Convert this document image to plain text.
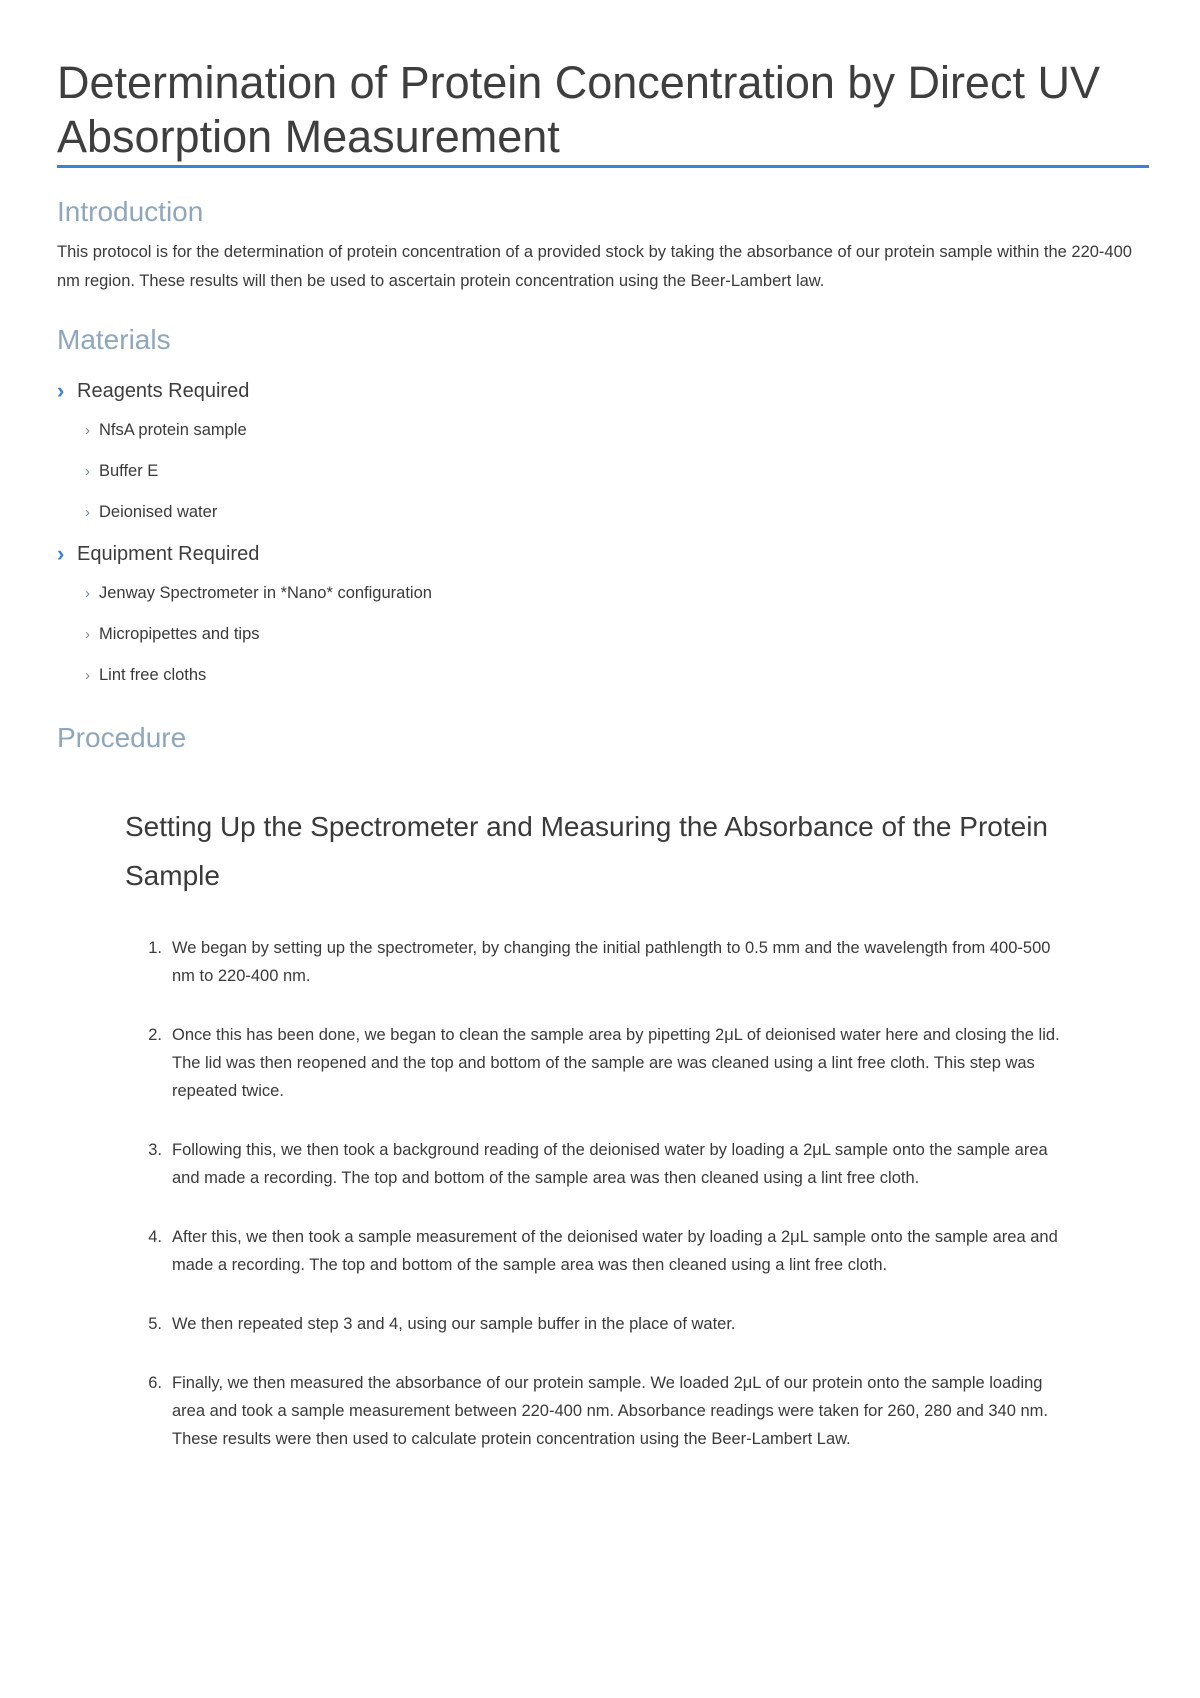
Determination of Protein Concentration by Direct UV Absorption Measurement
Introduction

This protocol is for the determination of protein concentration of a provided stock by taking the absorbance of our protein sample within the 220-400 nm region. These results will then be used to ascertain protein concentration using the Beer-Lambert law.

Materials
› Reagents Required
› NfsA protein sample
› Buffer E
› Deionised water
› Equipment Required
› Jenway Spectrometer in *Nano* configuration
› Micropipettes and tips
› Lint free cloths
Procedure
Setting Up the Spectrometer and Measuring the Absorbance of the Protein Sample
1. We began by setting up the spectrometer, by changing the initial pathlength to 0.5 mm and the wavelength from 400-500 nm to 220-400 nm.
2. Once this has been done, we began to clean the sample area by pipetting 2μL of deionised water here and closing the lid. The lid was then reopened and the top and bottom of the sample are was cleaned using a lint free cloth. This step was repeated twice.
3. Following this, we then took a background reading of the deionised water by loading a 2μL sample onto the sample area and made a recording. The top and bottom of the sample area was then cleaned using a lint free cloth.
4. After this, we then took a sample measurement of the deionised water by loading a 2μL sample onto the sample area and made a recording. The top and bottom of the sample area was then cleaned using a lint free cloth.
5. We then repeated step 3 and 4, using our sample buffer in the place of water.
6. Finally, we then measured the absorbance of our protein sample. We loaded 2μL of our protein onto the sample loading area and took a sample measurement between 220-400 nm. Absorbance readings were taken for 260, 280 and 340 nm. These results were then used to calculate protein concentration using the Beer-Lambert Law.
